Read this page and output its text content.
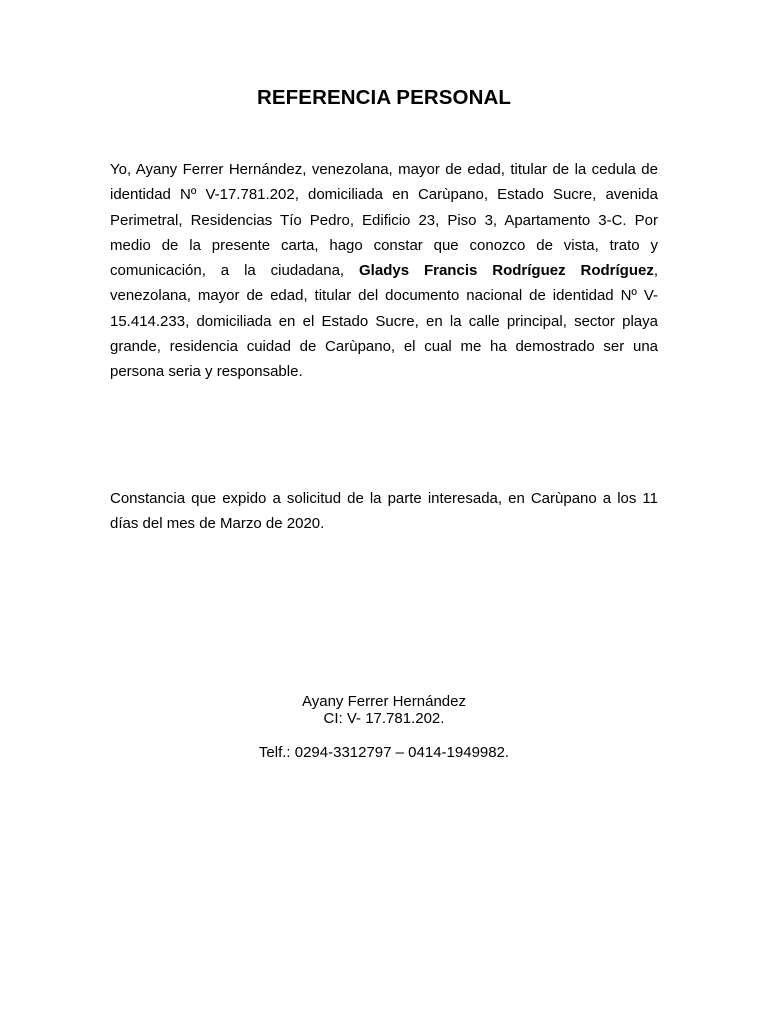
REFERENCIA PERSONAL
Yo, Ayany Ferrer Hernández, venezolana, mayor de edad, titular de la cedula de identidad Nº V-17.781.202, domiciliada en Carùpano, Estado Sucre, avenida Perimetral, Residencias Tío Pedro, Edificio 23, Piso 3, Apartamento 3-C. Por medio de la presente carta, hago constar que conozco de vista, trato y comunicación, a la ciudadana, Gladys Francis Rodríguez Rodríguez, venezolana, mayor de edad, titular del documento nacional de identidad Nº V-15.414.233, domiciliada en el Estado Sucre, en la calle principal, sector playa grande, residencia cuidad de Carùpano, el cual me ha demostrado ser una persona seria y responsable.
Constancia que expido a solicitud de la parte interesada, en Carùpano a los 11 días del mes de Marzo de 2020.
Ayany Ferrer Hernández
CI: V- 17.781.202.
Telf.: 0294-3312797 – 0414-1949982.
